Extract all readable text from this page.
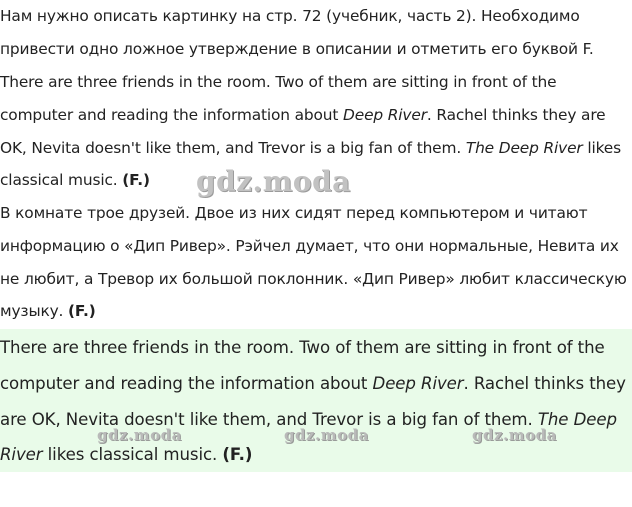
Нам нужно описать картинку на стр. 72 (учебник, часть 2). Необходимо
привести одно ложное утверждение в описании и отметить его буквой F.

There are three friends in the room. Two of them are sitting in front of the computer and reading the information about Deep River. Rachel thinks they are OK, Nevita doesn't like them, and Trevor is a big fan of them. The Deep River likes classical music. (F.)

В комнате трое друзей. Двое из них сидят перед компьютером и читают информацию о «Дип Ривер». Рэйчел думает, что они нормальные, Невита их не любит, а Тревор их большой поклонник. «Дип Ривер» любит классическую музыку. (F.)

There are three friends in the room. Two of them are sitting in front of the computer and reading the information about Deep River. Rachel thinks they are OK, Nevita doesn't like them, and Trevor is a big fan of them. The Deep River likes classical music. (F.)

gdz.moda
gdz.moda	gdz.moda	gdz.moda
